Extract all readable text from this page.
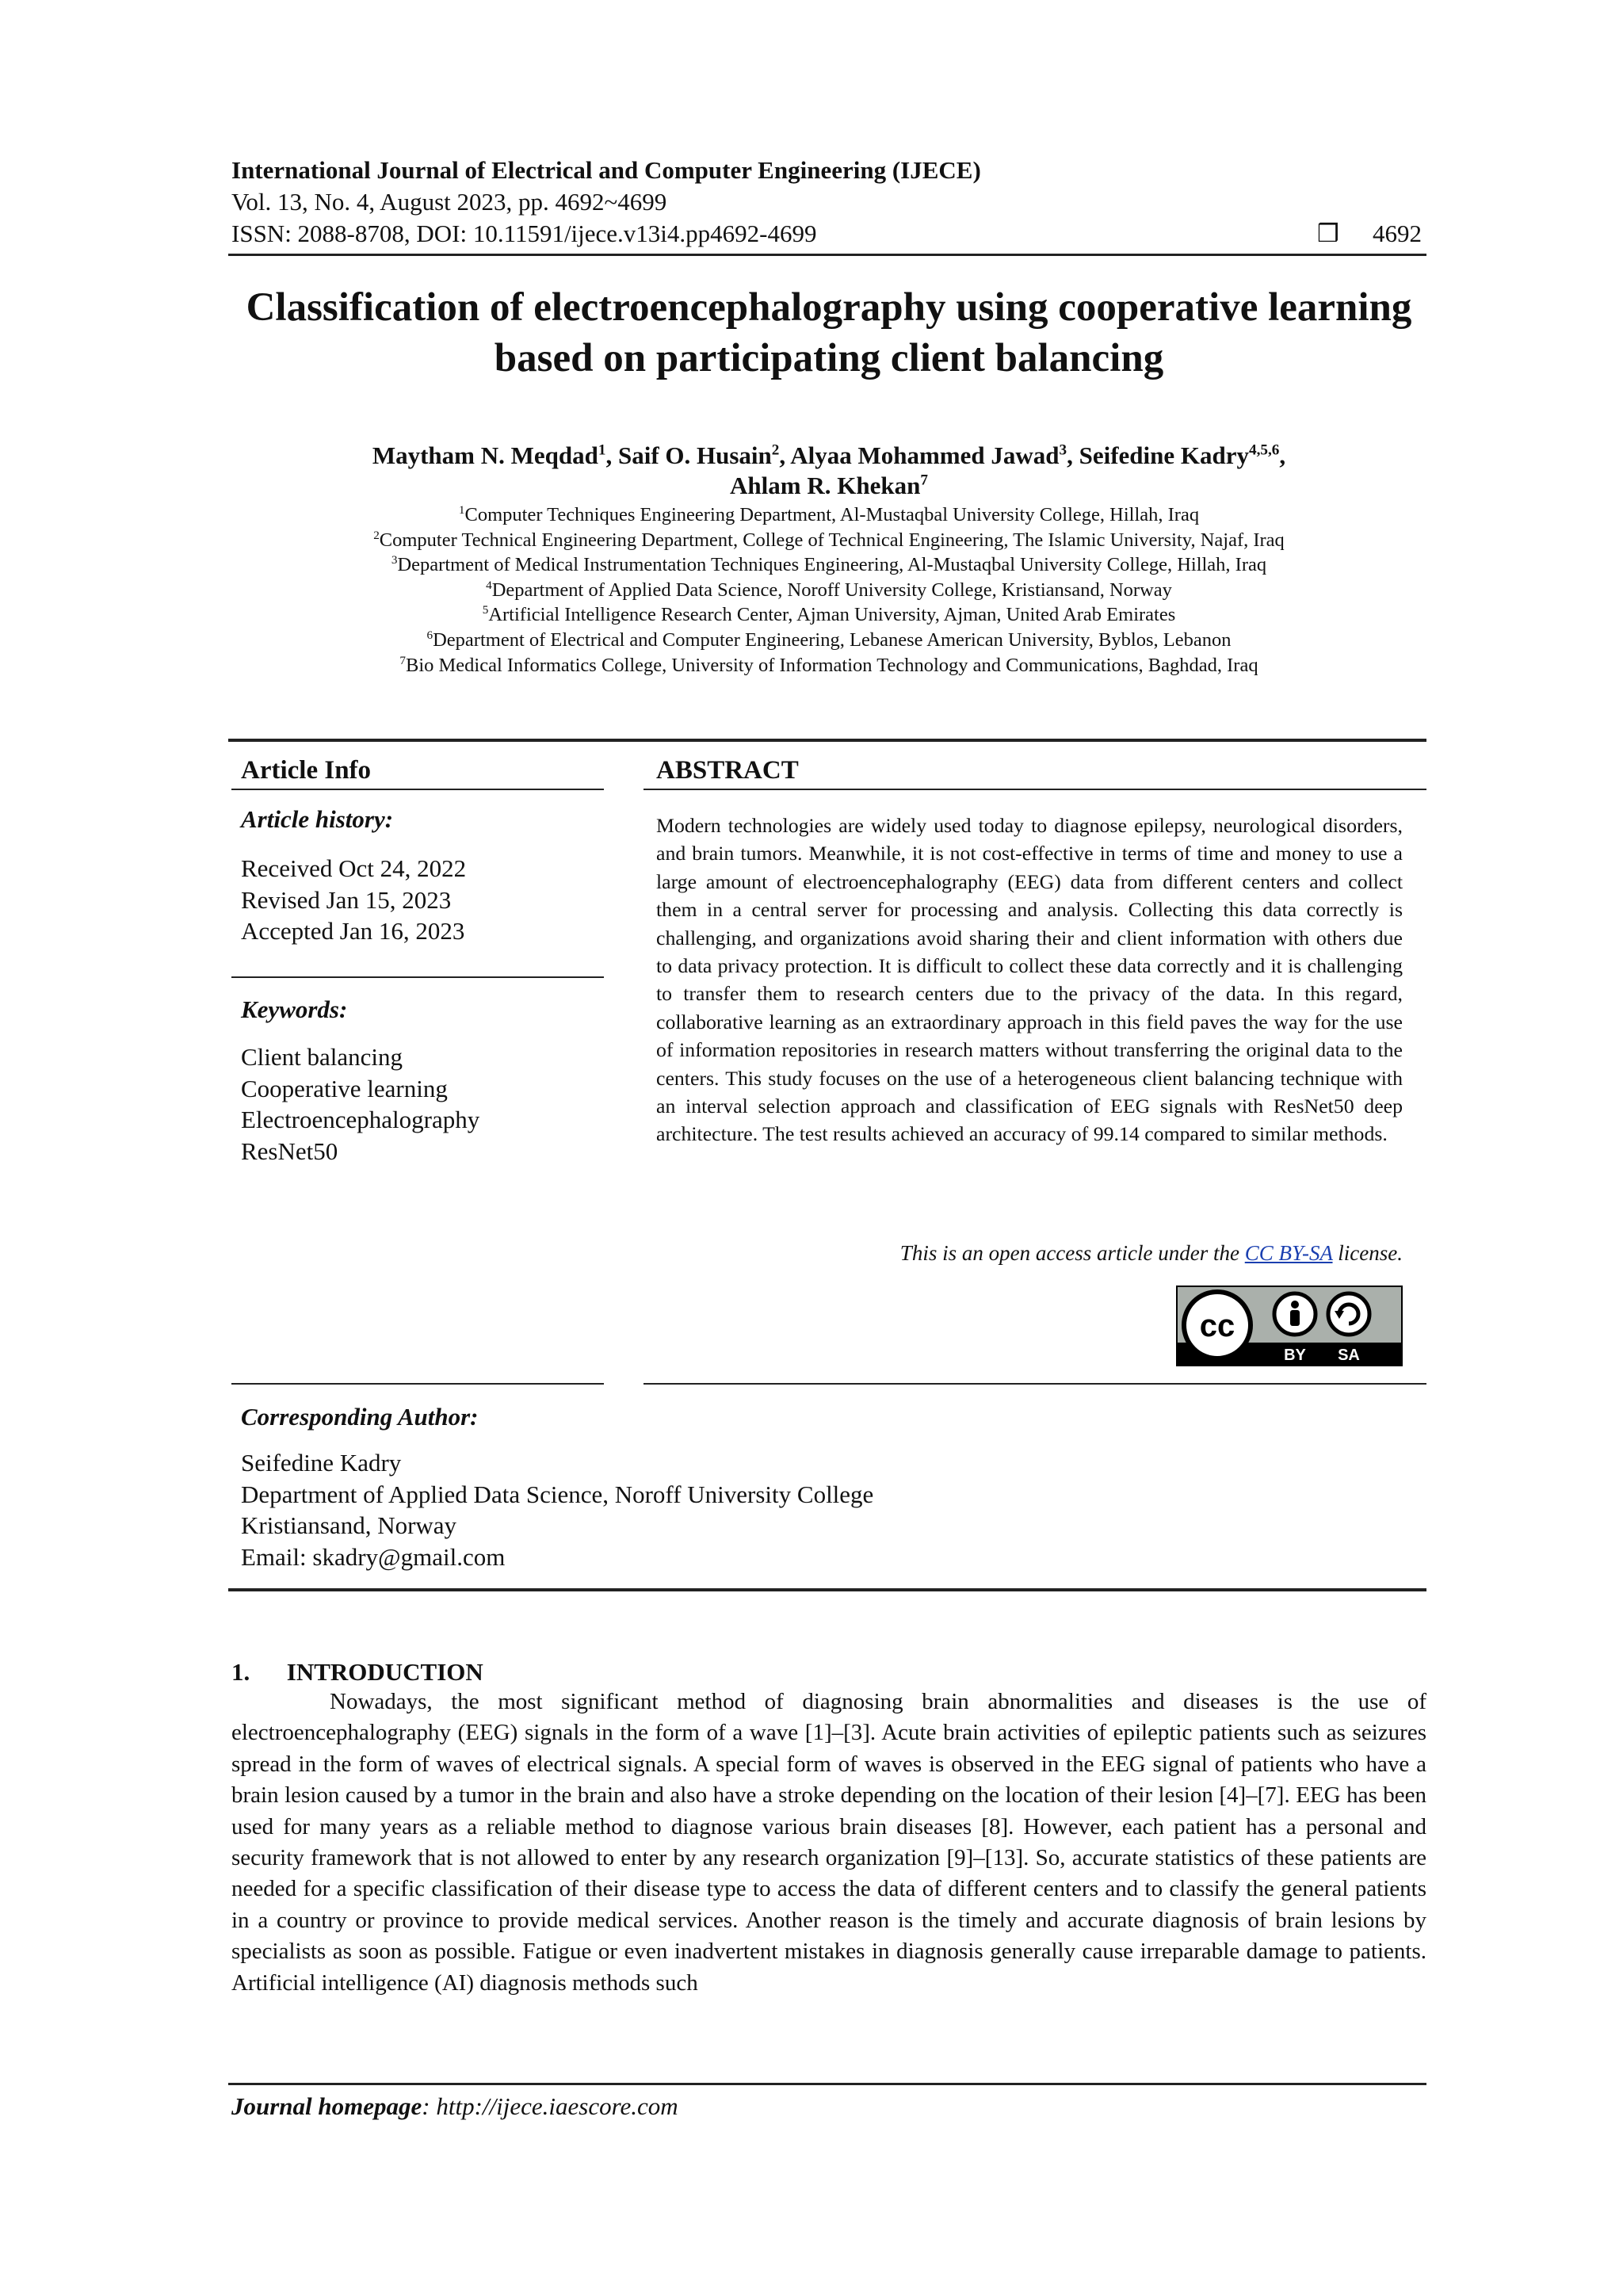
International Journal of Electrical and Computer Engineering (IJECE)
Vol. 13, No. 4, August 2023, pp. 4692~4699
ISSN: 2088-8708, DOI: 10.11591/ijece.v13i4.pp4692-4699	❒ 4692
Classification of electroencephalography using cooperative learning based on participating client balancing
Maytham N. Meqdad$^1$, Saif O. Husain$^2$, Alyaa Mohammed Jawad$^3$, Seifedine Kadry$^{4,5,6}$,
Ahlam R. Khekan$^7$
$^1$Computer Techniques Engineering Department, Al-Mustaqbal University College, Hillah, Iraq
$^2$Computer Technical Engineering Department, College of Technical Engineering, The Islamic University, Najaf, Iraq
$^3$Department of Medical Instrumentation Techniques Engineering, Al-Mustaqbal University College, Hillah, Iraq
$^4$Department of Applied Data Science, Noroff University College, Kristiansand, Norway
$^5$Artificial Intelligence Research Center, Ajman University, Ajman, United Arab Emirates
$^6$Department of Electrical and Computer Engineering, Lebanese American University, Byblos, Lebanon
$^7$Bio Medical Informatics College, University of Information Technology and Communications, Baghdad, Iraq
Article Info
Article history:
Received Oct 24, 2022
Revised Jan 15, 2023
Accepted Jan 16, 2023
Keywords:
Client balancing
Cooperative learning
Electroencephalography
ResNet50
ABSTRACT
Modern technologies are widely used today to diagnose epilepsy, neurological disorders, and brain tumors. Meanwhile, it is not cost-effective in terms of time and money to use a large amount of electroencephalography (EEG) data from different centers and collect them in a central server for processing and analysis. Collecting this data correctly is challenging, and organizations avoid sharing their and client information with others due to data privacy protection. It is difficult to collect these data correctly and it is challenging to transfer them to research centers due to the privacy of the data. In this regard, collaborative learning as an extraordinary approach in this field paves the way for the use of information repositories in research matters without transferring the original data to the centers. This study focuses on the use of a heterogeneous client balancing technique with an interval selection approach and classification of EEG signals with ResNet50 deep architecture. The test results achieved an accuracy of 99.14 compared to similar methods.
This is an open access article under the CC BY-SA license.
cc
BY SA
Corresponding Author:
Seifedine Kadry
Department of Applied Data Science, Noroff University College
Kristiansand, Norway
Email: skadry@gmail.com
1.      INTRODUCTION
Nowadays, the most significant method of diagnosing brain abnormalities and diseases is the use of electroencephalography (EEG) signals in the form of a wave [1]–[3]. Acute brain activities of epileptic patients such as seizures spread in the form of waves of electrical signals. A special form of waves is observed in the EEG signal of patients who have a brain lesion caused by a tumor in the brain and also have a stroke depending on the location of their lesion [4]–[7]. EEG has been used for many years as a reliable method to diagnose various brain diseases [8]. However, each patient has a personal and security framework that is not allowed to enter by any research organization [9]–[13]. So, accurate statistics of these patients are needed for a specific classification of their disease type to access the data of different centers and to classify the general patients in a country or province to provide medical services. Another reason is the timely and accurate diagnosis of brain lesions by specialists as soon as possible. Fatigue or even inadvertent mistakes in diagnosis generally cause irreparable damage to patients. Artificial intelligence (AI) diagnosis methods such
Journal homepage: http://ijece.iaescore.com
